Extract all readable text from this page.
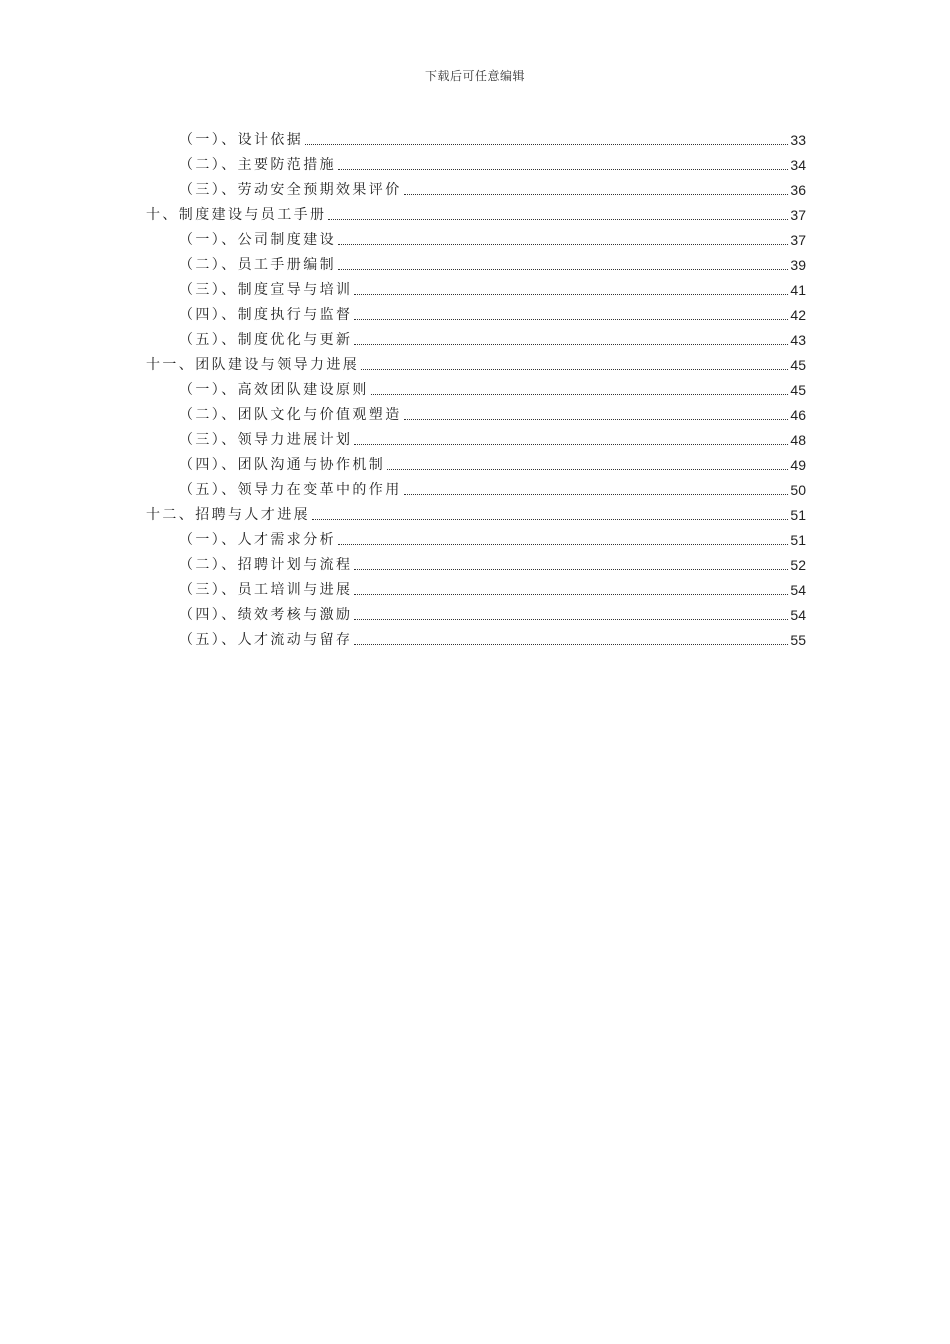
下载后可任意编辑
（一）、设计依据	33
（二）、主要防范措施	34
（三）、劳动安全预期效果评价	36
十、制度建设与员工手册	37
（一）、公司制度建设	37
（二）、员工手册编制	39
（三）、制度宣导与培训	41
（四）、制度执行与监督	42
（五）、制度优化与更新	43
十一、团队建设与领导力进展	45
（一）、高效团队建设原则	45
（二）、团队文化与价值观塑造	46
（三）、领导力进展计划	48
（四）、团队沟通与协作机制	49
（五）、领导力在变革中的作用	50
十二、招聘与人才进展	51
（一）、人才需求分析	51
（二）、招聘计划与流程	52
（三）、员工培训与进展	54
（四）、绩效考核与激励	54
（五）、人才流动与留存	55
